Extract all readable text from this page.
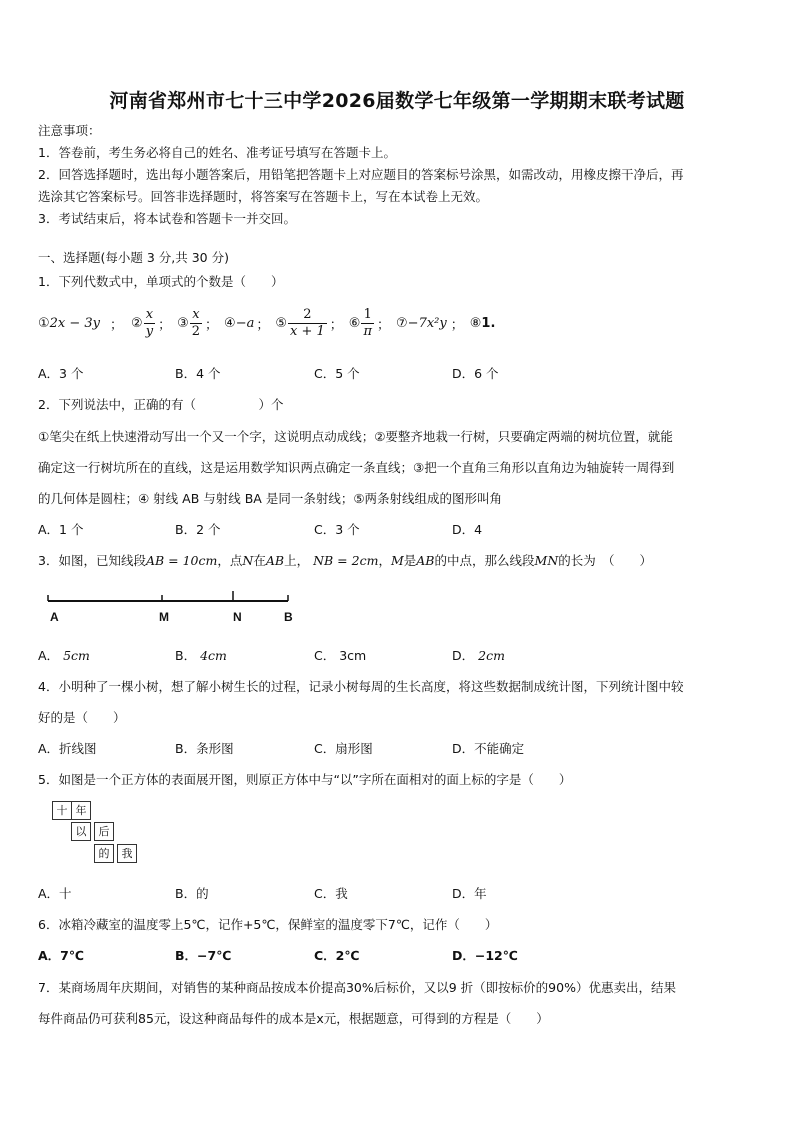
河南省郑州市七十三中学2026届数学七年级第一学期期末联考试题
注意事项：
1．答卷前，考生务必将自己的姓名、准考证号填写在答题卡上。
2．回答选择题时，选出每小题答案后，用铅笔把答题卡上对应题目的答案标号涂黑，如需改动，用橡皮擦干净后，再
选涂其它答案标号。回答非选择题时，将答案写在答题卡上，写在本试卷上无效。
3．考试结束后，将本试卷和答题卡一并交回。
一、选择题(每小题 3 分,共 30 分)
1．下列代数式中，单项式的个数是（　　）
① 2x − 3y ； ② $\frac{x}{y}$ ； ③ $\frac{x}{2}$ ； ④ −a ； ⑤ $\frac{2}{x + 1}$ ； ⑥ $\frac{1}{\pi}$ ； ⑦ −7x²y ； ⑧ 1.
A．3 个	B．4 个	C．5 个	D．6 个
2．下列说法中，正确的有（　　　　　）个
①笔尖在纸上快速滑动写出一个又一个字，这说明点动成线；②要整齐地栽一行树，只要确定两端的树坑位置，就能
确定这一行树坑所在的直线，这是运用数学知识两点确定一条直线；③把一个直角三角形以直角边为轴旋转一周得到
的几何体是圆柱；④ 射线 AB 与射线 BA 是同一条射线；⑤两条射线组成的图形叫角
A．1 个	B．2 个	C．3 个	D．4
3．如图，已知线段AB = 10cm，点N在AB上， NB = 2cm，M是AB的中点，那么线段MN的长为　（　　）
A	M	N	B
A． 5cm	B． 4cm	C． 3cm	D． 2cm
4．小明种了一棵小树，想了解小树生长的过程，记录小树每周的生长高度，将这些数据制成统计图，下列统计图中较
好的是（　　）
A．折线图	B．条形图	C．扇形图	D．不能确定
5．如图是一个正方体的表面展开图，则原正方体中与“以”字所在面相对的面上标的字是（　　）
十 年
以	后
的	我
A．十	B．的	C．我	D．年
6．冰箱冷藏室的温度零上5℃，记作+5℃，保鲜室的温度零下7℃，记作（　　）
A．7℃	B．−7℃	C．2℃	D．−12℃
7．某商场周年庆期间，对销售的某种商品按成本价提高30%后标价，又以9 折（即按标价的90%）优惠卖出，结果
每件商品仍可获利85元，设这种商品每件的成本是x元，根据题意，可得到的方程是（　　）
